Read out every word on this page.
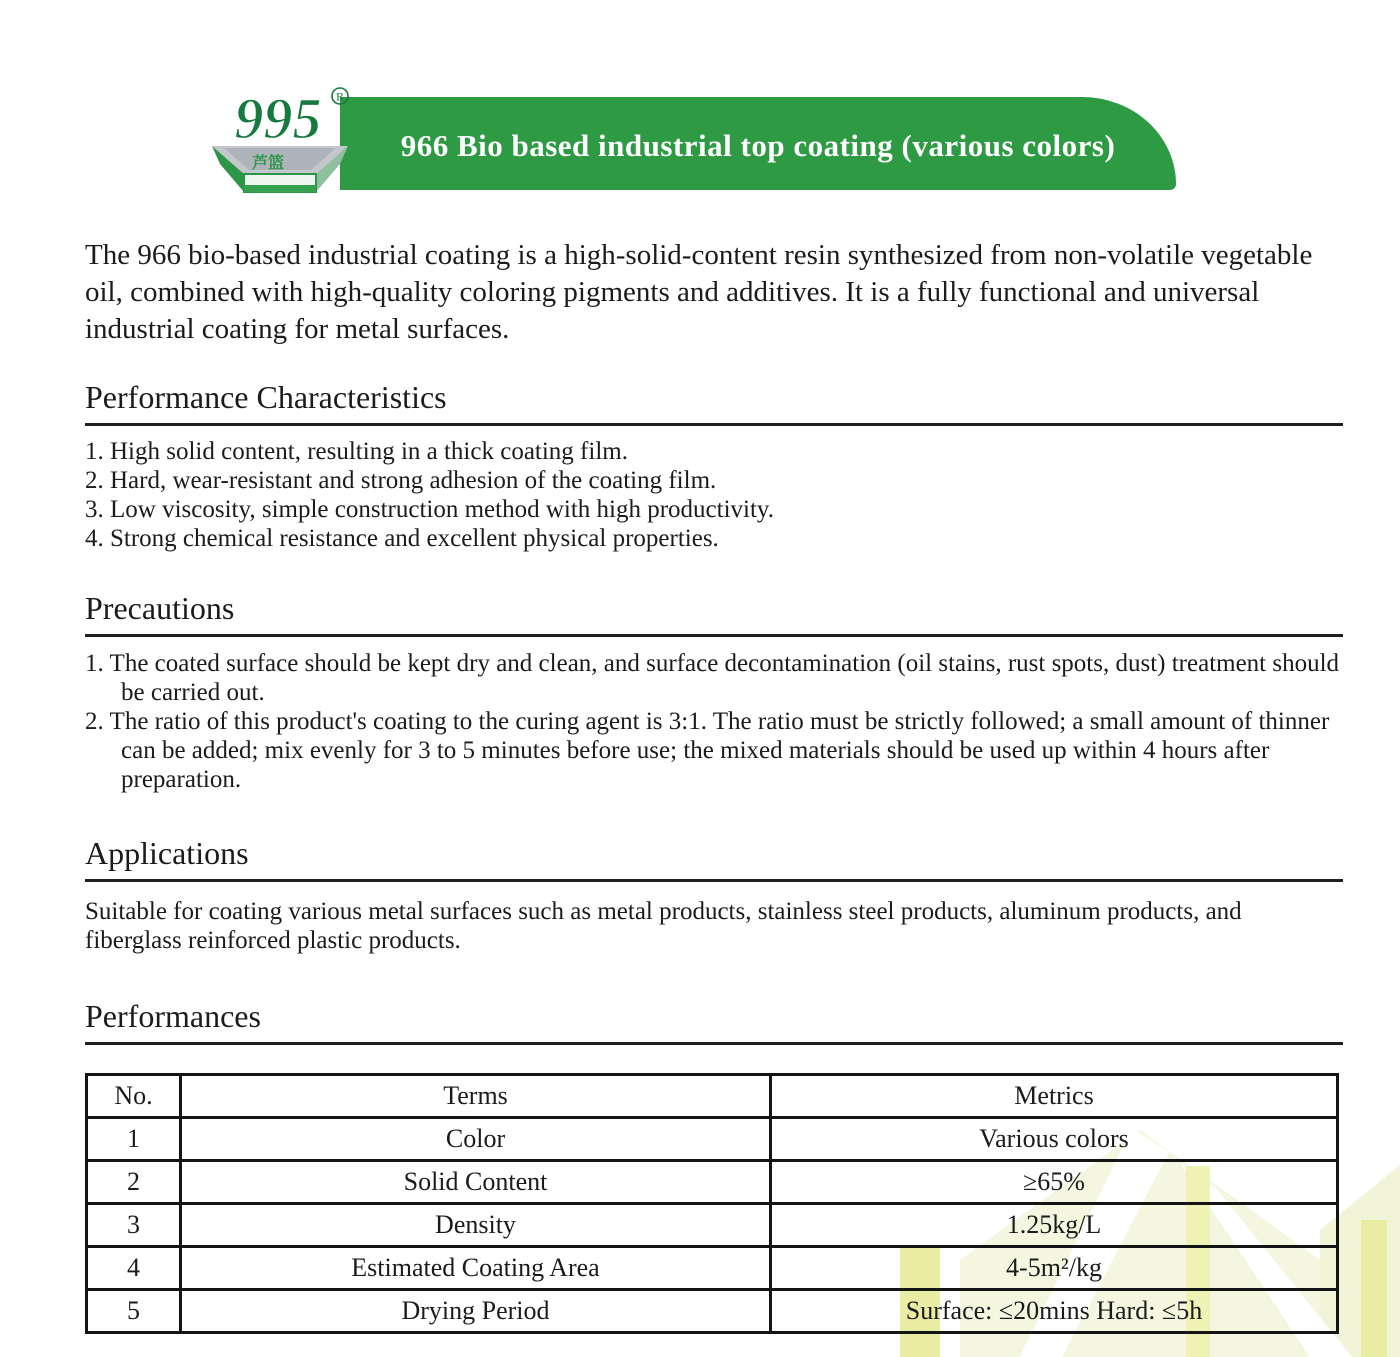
966 Bio based industrial top coating (various colors)
995 R
芦篮

The 966 bio-based industrial coating is a high-solid-content resin synthesized from non-volatile vegetable oil, combined with high-quality coloring pigments and additives. It is a fully functional and universal industrial coating for metal surfaces.

Performance Characteristics
1. High solid content, resulting in a thick coating film.
2. Hard, wear-resistant and strong adhesion of the coating film.
3. Low viscosity, simple construction method with high productivity.
4. Strong chemical resistance and excellent physical properties.
Precautions
1. The coated surface should be kept dry and clean, and surface decontamination (oil stains, rust spots, dust) treatment should be carried out.
2. The ratio of this product's coating to the curing agent is 3:1. The ratio must be strictly followed; a small amount of thinner can be added; mix evenly for 3 to 5 minutes before use; the mixed materials should be used up within 4 hours after preparation.
Applications

Suitable for coating various metal surfaces such as metal products, stainless steel products, aluminum products, and fiberglass reinforced plastic products.

Performances
No.	Terms	Metrics
1	Color	Various colors
2	Solid Content	≥65%
3	Density	1.25kg/L
4	Estimated Coating Area	4-5m²/kg
5	Drying Period	Surface: ≤20mins Hard: ≤5h
